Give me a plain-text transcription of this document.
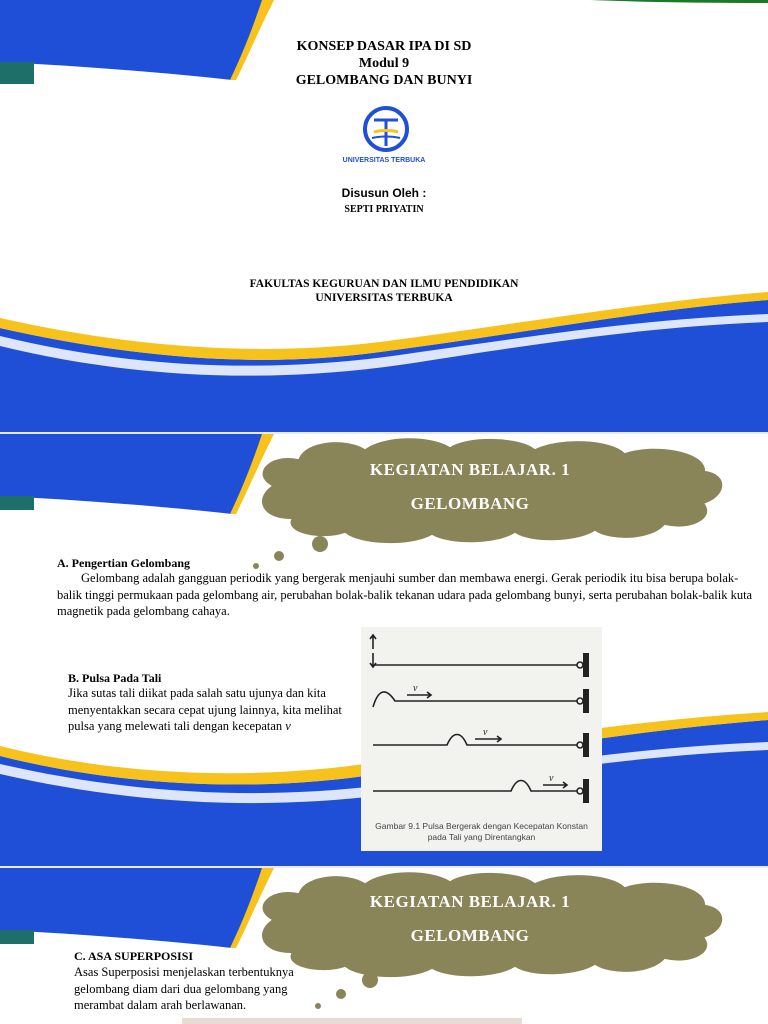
KONSEP DASAR IPA DI SD
Modul 9
GELOMBANG DAN BUNYI
UNIVERSITAS TERBUKA
Disusun Oleh :
SEPTI PRIYATIN
FAKULTAS KEGURUAN DAN ILMU PENDIDIKAN
UNIVERSITAS TERBUKA
KEGIATAN BELAJAR. 1
GELOMBANG
A. Pengertian Gelombang
Gelombang adalah gangguan periodik yang bergerak menjauhi sumber dan membawa energi. Gerak periodik itu bisa berupa bolak-balik tinggi permukaan pada gelombang air, perubahan bolak-balik tekanan udara pada gelombang bunyi, serta perubahan bolak-balik kuta magnetik pada gelombang cahaya.
B. Pulsa Pada Tali
Jika sutas tali diikat pada salah satu ujunya dan kita menyentakkan secara cepat ujung lainnya, kita melihat pulsa yang melewati tali dengan kecepatan v
v
v
v
Gambar 9.1 Pulsa Bergerak dengan Kecepatan Konstan
pada Tali yang Direntangkan
KEGIATAN BELAJAR. 1
GELOMBANG
C. ASA SUPERPOSISI
Asas Superposisi menjelaskan terbentuknya gelombang diam dari dua gelombang yang merambat dalam arah berlawanan.
